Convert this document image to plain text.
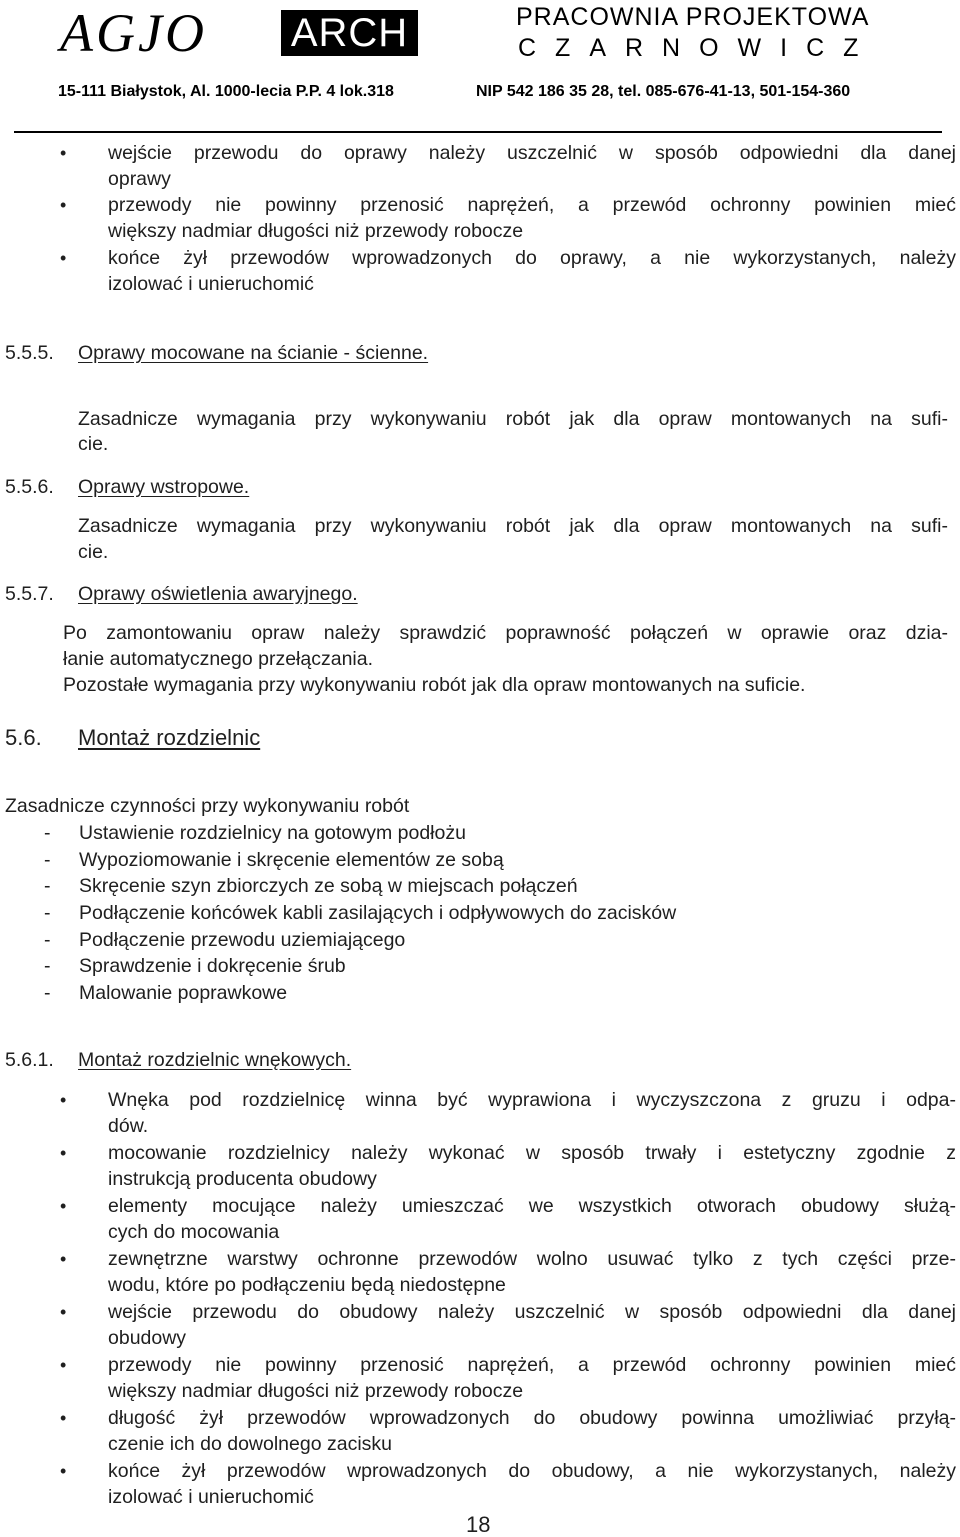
AGJO ARCH	PRACOWNIA PROJEKTOWA
CZARNOWICZ
15-111 Białystok, Al. 1000-lecia P.P. 4 lok.318	NIP 542 186 35 28, tel. 085-676-41-13, 501-154-360
• wejście przewodu do oprawy należy uszczelnić w sposób odpowiedni dla danej
oprawy
• przewody nie powinny przenosić naprężeń, a przewód ochronny powinien mieć
większy nadmiar długości niż przewody robocze
• końce żył przewodów wprowadzonych do oprawy, a nie wykorzystanych, należy
izolować i unieruchomić
5.5.5. Oprawy mocowane na ścianie - ścienne.
Zasadnicze wymagania przy wykonywaniu robót jak dla opraw montowanych na sufi-
cie.
5.5.6. Oprawy wstropowe.
Zasadnicze wymagania przy wykonywaniu robót jak dla opraw montowanych na sufi-
cie.
5.5.7. Oprawy oświetlenia awaryjnego.
Po zamontowaniu opraw należy sprawdzić poprawność połączeń w oprawie oraz dzia-
łanie automatycznego przełączania.
Pozostałe wymagania przy wykonywaniu robót jak dla opraw montowanych na suficie.
5.6. Montaż rozdzielnic
Zasadnicze czynności przy wykonywaniu robót
- Ustawienie rozdzielnicy na gotowym podłożu
- Wypoziomowanie i skręcenie elementów ze sobą
- Skręcenie szyn zbiorczych ze sobą w miejscach połączeń
- Podłączenie końcówek kabli zasilających i odpływowych do zacisków
- Podłączenie przewodu uziemiającego
- Sprawdzenie i dokręcenie śrub
- Malowanie poprawkowe
5.6.1. Montaż rozdzielnic wnękowych.
• Wnęka pod rozdzielnicę winna być wyprawiona i wyczyszczona z gruzu i odpa-
dów.
• mocowanie rozdzielnicy należy wykonać w sposób trwały i estetyczny zgodnie z
instrukcją producenta obudowy
• elementy mocujące należy umieszczać we wszystkich otworach obudowy służą-
cych do mocowania
• zewnętrzne warstwy ochronne przewodów wolno usuwać tylko z tych części prze-
wodu, które po podłączeniu będą niedostępne
• wejście przewodu do obudowy należy uszczelnić w sposób odpowiedni dla danej
obudowy
• przewody nie powinny przenosić naprężeń, a przewód ochronny powinien mieć
większy nadmiar długości niż przewody robocze
• długość żył przewodów wprowadzonych do obudowy powinna umożliwiać przyłą-
czenie ich do dowolnego zacisku
• końce żył przewodów wprowadzonych do obudowy, a nie wykorzystanych, należy
izolować i unieruchomić
18
